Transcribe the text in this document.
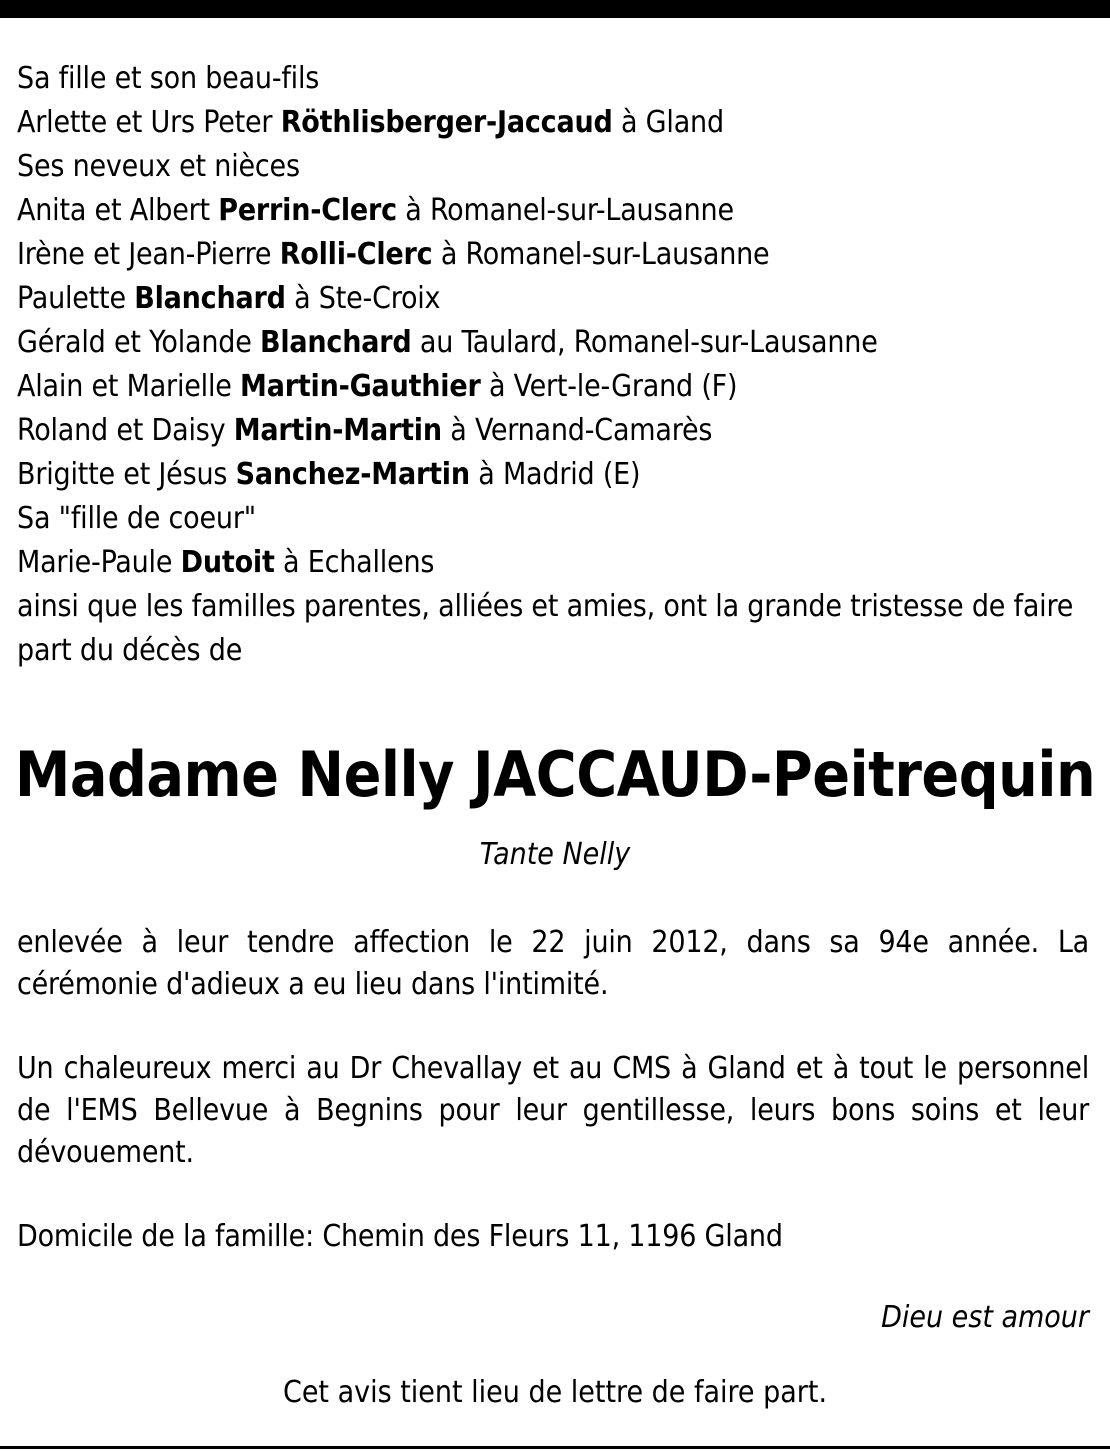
Sa fille et son beau-fils
Arlette et Urs Peter Röthlisberger-Jaccaud à Gland
Ses neveux et nièces
Anita et Albert Perrin-Clerc à Romanel-sur-Lausanne
Irène et Jean-Pierre Rolli-Clerc à Romanel-sur-Lausanne
Paulette Blanchard à Ste-Croix
Gérald et Yolande Blanchard au Taulard, Romanel-sur-Lausanne
Alain et Marielle Martin-Gauthier à Vert-le-Grand (F)
Roland et Daisy Martin-Martin à Vernand-Camarès
Brigitte et Jésus Sanchez-Martin à Madrid (E)
Sa "fille de coeur"
Marie-Paule Dutoit à Echallens
ainsi que les familles parentes, alliées et amies, ont la grande tristesse de faire part du décès de
Madame Nelly JACCAUD-Peitrequin
Tante Nelly
enlevée à leur tendre affection le 22 juin 2012, dans sa 94e année. La cérémonie d'adieux a eu lieu dans l'intimité.
Un chaleureux merci au Dr Chevallay et au CMS à Gland et à tout le personnel de l'EMS Bellevue à Begnins pour leur gentillesse, leurs bons soins et leur dévouement.
Domicile de la famille: Chemin des Fleurs 11, 1196 Gland
Dieu est amour
Cet avis tient lieu de lettre de faire part.
